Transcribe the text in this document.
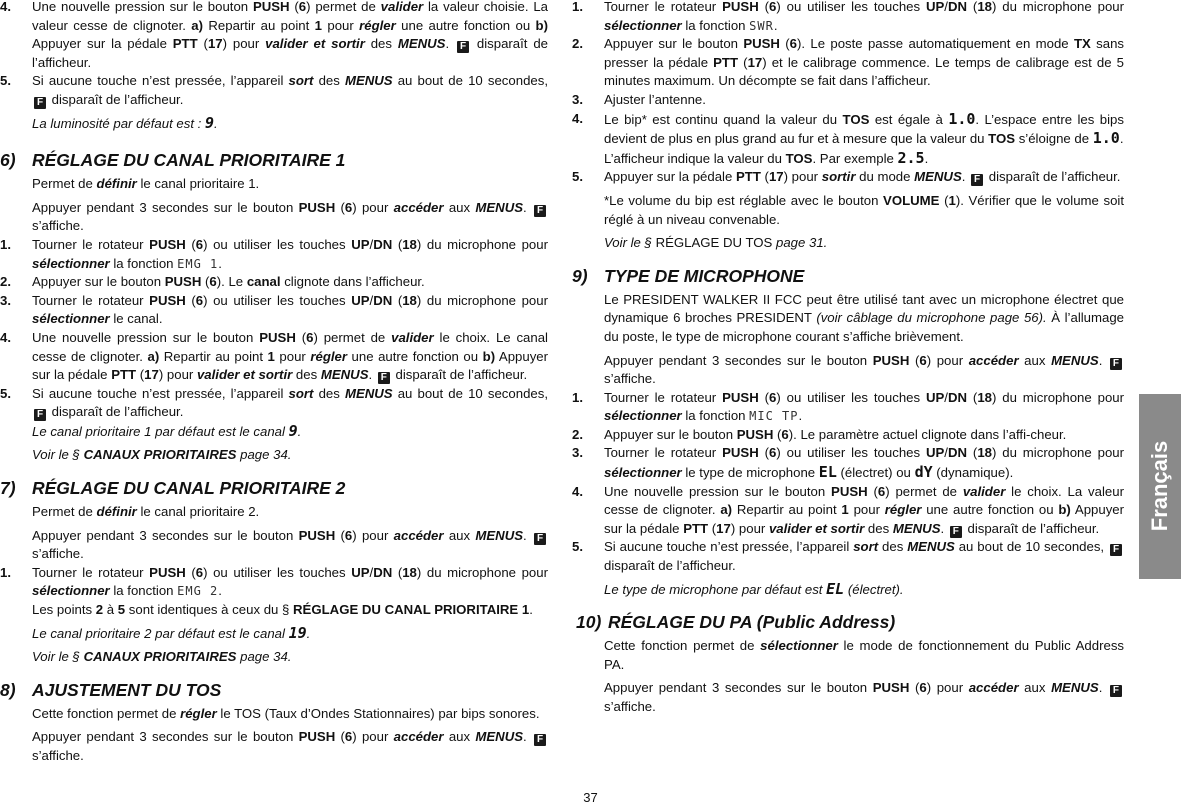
4.	Une nouvelle pression sur le bouton PUSH (6) permet de valider la valeur choisie. La valeur cesse de clignoter. a) Repartir au point 1 pour régler une autre fonction ou b) Appuyer sur la pédale PTT (17) pour valider et sortir des MENUS. F disparaît de l’afficheur.
5.	Si aucune touche n’est pressée, l’appareil sort des MENUS au bout de 10 secondes, F disparaît de l’afficheur.

La luminosité par défaut est : 9.

6) RÉGLAGE DU CANAL PRIORITAIRE 1

Permet de définir le canal prioritaire 1.

Appuyer pendant 3 secondes sur le bouton PUSH (6) pour accéder aux MENUS. F s’affiche.

1.	Tourner le rotateur PUSH (6) ou utiliser les touches UP/DN (18) du microphone pour sélectionner la fonction EMG 1.
2.	Appuyer sur le bouton PUSH (6). Le canal clignote dans l’afficheur.
3.	Tourner le rotateur PUSH (6) ou utiliser les touches UP/DN (18) du microphone pour sélectionner le canal.
4.	Une nouvelle pression sur le bouton PUSH (6) permet de valider le choix. Le canal cesse de clignoter. a) Repartir au point 1 pour régler une autre fonction ou b) Appuyer sur la pédale PTT (17) pour valider et sortir des MENUS. F disparaît de l’afficheur.
5.	Si aucune touche n’est pressée, l’appareil sort des MENUS au bout de 10 secondes, F disparaît de l’afficheur.

Le canal prioritaire 1 par défaut est le canal 9.

Voir le § CANAUX PRIORITAIRES page 34.

7) RÉGLAGE DU CANAL PRIORITAIRE 2

Permet de définir le canal prioritaire 2.

Appuyer pendant 3 secondes sur le bouton PUSH (6) pour accéder aux MENUS. F s’affiche.

1.	Tourner le rotateur PUSH (6) ou utiliser les touches UP/DN (18) du microphone pour sélectionner la fonction EMG 2.
Les points 2 à 5 sont identiques à ceux du § RÉGLAGE DU CANAL PRIORITAIRE 1.

Le canal prioritaire 2 par défaut est le canal 19.

Voir le § CANAUX PRIORITAIRES page 34.

8) AJUSTEMENT DU TOS

Cette fonction permet de régler le TOS (Taux d’Ondes Stationnaires) par bips sonores.

Appuyer pendant 3 secondes sur le bouton PUSH (6) pour accéder aux MENUS. F s’affiche.

1.	Tourner le rotateur PUSH (6) ou utiliser les touches UP/DN (18) du microphone pour sélectionner la fonction SWR.
2.	Appuyer sur le bouton PUSH (6). Le poste passe automatiquement en mode TX sans presser la pédale PTT (17) et le calibrage commence. Le temps de calibrage est de 5 minutes maximum. Un décompte se fait dans l’afficheur.
3.	Ajuster l’antenne.
4.	Le bip* est continu quand la valeur du TOS est égale à 1.0. L’espace entre les bips devient de plus en plus grand au fur et à mesure que la valeur du TOS s’éloigne de 1.0.
L’afficheur indique la valeur du TOS. Par exemple 2.5.
5.	Appuyer sur la pédale PTT (17) pour sortir du mode MENUS. F disparaît de l’afficheur.

*Le volume du bip est réglable avec le bouton VOLUME (1). Vérifier que le volume soit réglé à un niveau convenable.

Voir le § RÉGLAGE DU TOS page 31.

9) TYPE DE MICROPHONE

Le PRESIDENT WALKER II FCC peut être utilisé tant avec un microphone électret que dynamique 6 broches PRESIDENT (voir câblage du microphone page 56). À l’allumage du poste, le type de microphone courant s’affiche brièvement.

Appuyer pendant 3 secondes sur le bouton PUSH (6) pour accéder aux MENUS. F s’affiche.

1.	Tourner le rotateur PUSH (6) ou utiliser les touches UP/DN (18) du microphone pour sélectionner la fonction MIC TP.
2.	Appuyer sur le bouton PUSH (6). Le paramètre actuel clignote dans l’affi-cheur.
3.	Tourner le rotateur PUSH (6) ou utiliser les touches UP/DN (18) du microphone pour sélectionner le type de microphone EL (électret) ou dY (dynamique).
4.	Une nouvelle pression sur le bouton PUSH (6) permet de valider le choix. La valeur cesse de clignoter. a) Repartir au point 1 pour régler une autre fonction ou b) Appuyer sur la pédale PTT (17) pour valider et sortir des MENUS. F disparaît de l’afficheur.
5.	Si aucune touche n’est pressée, l’appareil sort des MENUS au bout de 10 secondes, F disparaît de l’afficheur.

Le type de microphone par défaut est EL (électret).

10) RÉGLAGE DU PA (Public Address)

Cette fonction permet de sélectionner le mode de fonctionnement du Public Address PA.

Appuyer pendant 3 secondes sur le bouton PUSH (6) pour accéder aux MENUS. F s’affiche.

Français
37
